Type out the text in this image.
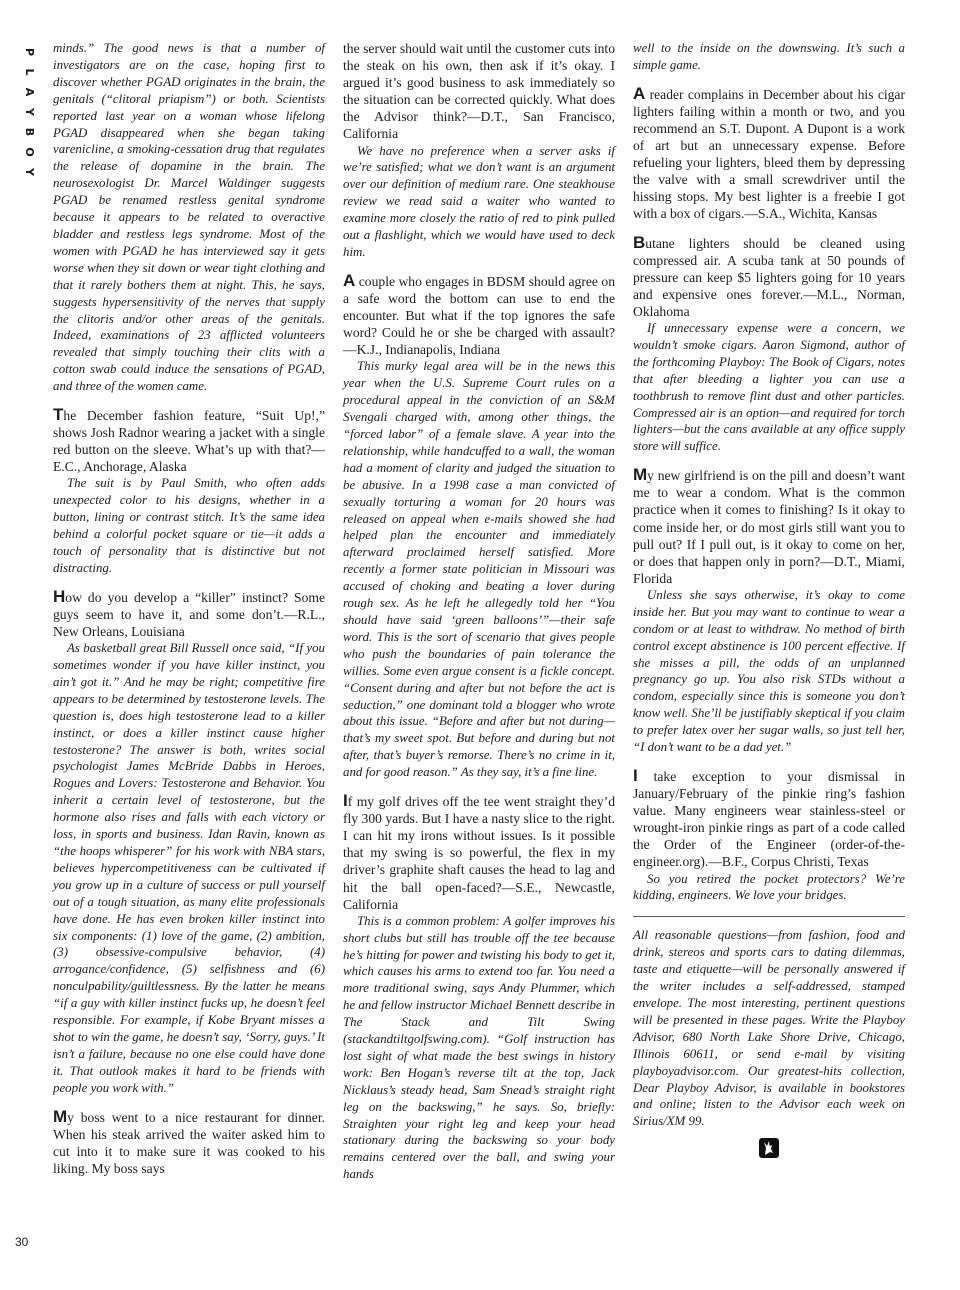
P
L
A
Y
B
O
Y
30

minds.” The good news is that a number of investigators are on the case, hoping first to discover whether PGAD originates in the brain, the genitals (“clitoral priapism”) or both. Scientists reported last year on a woman whose lifelong PGAD disappeared when she began taking varenicline, a smoking-cessation drug that regulates the release of dopamine in the brain. The neurosexologist Dr. Marcel Waldinger suggests PGAD be renamed restless genital syndrome because it appears to be related to overactive bladder and restless legs syndrome. Most of the women with PGAD he has interviewed say it gets worse when they sit down or wear tight clothing and that it rarely bothers them at night. This, he says, suggests hypersensitivity of the nerves that supply the clitoris and/or other areas of the genitals. Indeed, examinations of 23 afflicted volunteers revealed that simply touching their clits with a cotton swab could induce the sensations of PGAD, and three of the women came.

The December fashion feature, “Suit Up!,” shows Josh Radnor wearing a jacket with a single red button on the sleeve. What’s up with that?—E.C., Anchorage, Alaska

The suit is by Paul Smith, who often adds unexpected color to his designs, whether in a button, lining or contrast stitch. It’s the same idea behind a colorful pocket square or tie—it adds a touch of personality that is distinctive but not distracting.

How do you develop a “killer” instinct? Some guys seem to have it, and some don’t.—R.L., New Orleans, Louisiana

As basketball great Bill Russell once said, “If you sometimes wonder if you have killer instinct, you ain’t got it.” And he may be right; competitive fire appears to be determined by testosterone levels. The question is, does high testosterone lead to a killer instinct, or does a killer instinct cause higher testosterone? The answer is both, writes social psychologist James McBride Dabbs in Heroes, Rogues and Lovers: Testosterone and Behavior. You inherit a certain level of testosterone, but the hormone also rises and falls with each victory or loss, in sports and business. Idan Ravin, known as “the hoops whisperer” for his work with NBA stars, believes hypercompetitiveness can be cultivated if you grow up in a culture of success or pull yourself out of a tough situation, as many elite professionals have done. He has even broken killer instinct into six components: (1) love of the game, (2) ambition, (3) obsessive-compulsive behavior, (4) arrogance/confidence, (5) selfishness and (6) nonculpability/guiltlessness. By the latter he means “if a guy with killer instinct fucks up, he doesn’t feel responsible. For example, if Kobe Bryant misses a shot to win the game, he doesn’t say, ‘Sorry, guys.’ It isn’t a failure, because no one else could have done it. That outlook makes it hard to be friends with people you work with.”

My boss went to a nice restaurant for dinner. When his steak arrived the waiter asked him to cut into it to make sure it was cooked to his liking. My boss says

the server should wait until the customer cuts into the steak on his own, then ask if it’s okay. I argued it’s good business to ask immediately so the situation can be corrected quickly. What does the Advisor think?—D.T., San Francisco, California

We have no preference when a server asks if we’re satisfied; what we don’t want is an argument over our definition of medium rare. One steakhouse review we read said a waiter who wanted to examine more closely the ratio of red to pink pulled out a flashlight, which we would have used to deck him.

A couple who engages in BDSM should agree on a safe word the bottom can use to end the encounter. But what if the top ignores the safe word? Could he or she be charged with assault?—K.J., Indianapolis, Indiana

This murky legal area will be in the news this year when the U.S. Supreme Court rules on a procedural appeal in the conviction of an S&M Svengali charged with, among other things, the “forced labor” of a female slave. A year into the relationship, while handcuffed to a wall, the woman had a moment of clarity and judged the situation to be abusive. In a 1998 case a man convicted of sexually torturing a woman for 20 hours was released on appeal when e-mails showed she had helped plan the encounter and immediately afterward proclaimed herself satisfied. More recently a former state politician in Missouri was accused of choking and beating a lover during rough sex. As he left he allegedly told her “You should have said ‘green balloons’”—their safe word. This is the sort of scenario that gives people who push the boundaries of pain tolerance the willies. Some even argue consent is a fickle concept. “Consent during and after but not before the act is seduction,” one dominant told a blogger who wrote about this issue. “Before and after but not during—that’s my sweet spot. But before and during but not after, that’s buyer’s remorse. There’s no crime in it, and for good reason.” As they say, it’s a fine line.

If my golf drives off the tee went straight they’d fly 300 yards. But I have a nasty slice to the right. I can hit my irons without issues. Is it possible that my swing is so powerful, the flex in my driver’s graphite shaft causes the head to lag and hit the ball open-faced?—S.E., Newcastle, California

This is a common problem: A golfer improves his short clubs but still has trouble off the tee because he’s hitting for power and twisting his body to get it, which causes his arms to extend too far. You need a more traditional swing, says Andy Plummer, which he and fellow instructor Michael Bennett describe in The Stack and Tilt Swing (stackandtiltgolfswing.com). “Golf instruction has lost sight of what made the best swings in history work: Ben Hogan’s reverse tilt at the top, Jack Nicklaus’s steady head, Sam Snead’s straight right leg on the backswing,” he says. So, briefly: Straighten your right leg and keep your head stationary during the backswing so your body remains centered over the ball, and swing your hands

well to the inside on the downswing. It’s such a simple game.

A reader complains in December about his cigar lighters failing within a month or two, and you recommend an S.T. Dupont. A Dupont is a work of art but an unnecessary expense. Before refueling your lighters, bleed them by depressing the valve with a small screwdriver until the hissing stops. My best lighter is a freebie I got with a box of cigars.—S.A., Wichita, Kansas

Butane lighters should be cleaned using compressed air. A scuba tank at 50 pounds of pressure can keep $5 lighters going for 10 years and expensive ones forever.—M.L., Norman, Oklahoma

If unnecessary expense were a concern, we wouldn’t smoke cigars. Aaron Sigmond, author of the forthcoming Playboy: The Book of Cigars, notes that after bleeding a lighter you can use a toothbrush to remove flint dust and other particles. Compressed air is an option—and required for torch lighters—but the cans available at any office supply store will suffice.

My new girlfriend is on the pill and doesn’t want me to wear a condom. What is the common practice when it comes to finishing? Is it okay to come inside her, or do most girls still want you to pull out? If I pull out, is it okay to come on her, or does that happen only in porn?—D.T., Miami, Florida

Unless she says otherwise, it’s okay to come inside her. But you may want to continue to wear a condom or at least to withdraw. No method of birth control except abstinence is 100 percent effective. If she misses a pill, the odds of an unplanned pregnancy go up. You also risk STDs without a condom, especially since this is someone you don’t know well. She’ll be justifiably skeptical if you claim to prefer latex over her sugar walls, so just tell her, “I don’t want to be a dad yet.”

I take exception to your dismissal in January/February of the pinkie ring’s fashion value. Many engineers wear stainless-steel or wrought-iron pinkie rings as part of a code called the Order of the Engineer (order-of-the-engineer.org).—B.F., Corpus Christi, Texas

So you retired the pocket protectors? We’re kidding, engineers. We love your bridges.

All reasonable questions—from fashion, food and drink, stereos and sports cars to dating dilemmas, taste and etiquette—will be personally answered if the writer includes a self-addressed, stamped envelope. The most interesting, pertinent questions will be presented in these pages. Write the Playboy Advisor, 680 North Lake Shore Drive, Chicago, Illinois 60611, or send e-mail by visiting playboyadvisor.com. Our greatest-hits collection, Dear Playboy Advisor, is available in bookstores and online; listen to the Advisor each week on Sirius/XM 99.
